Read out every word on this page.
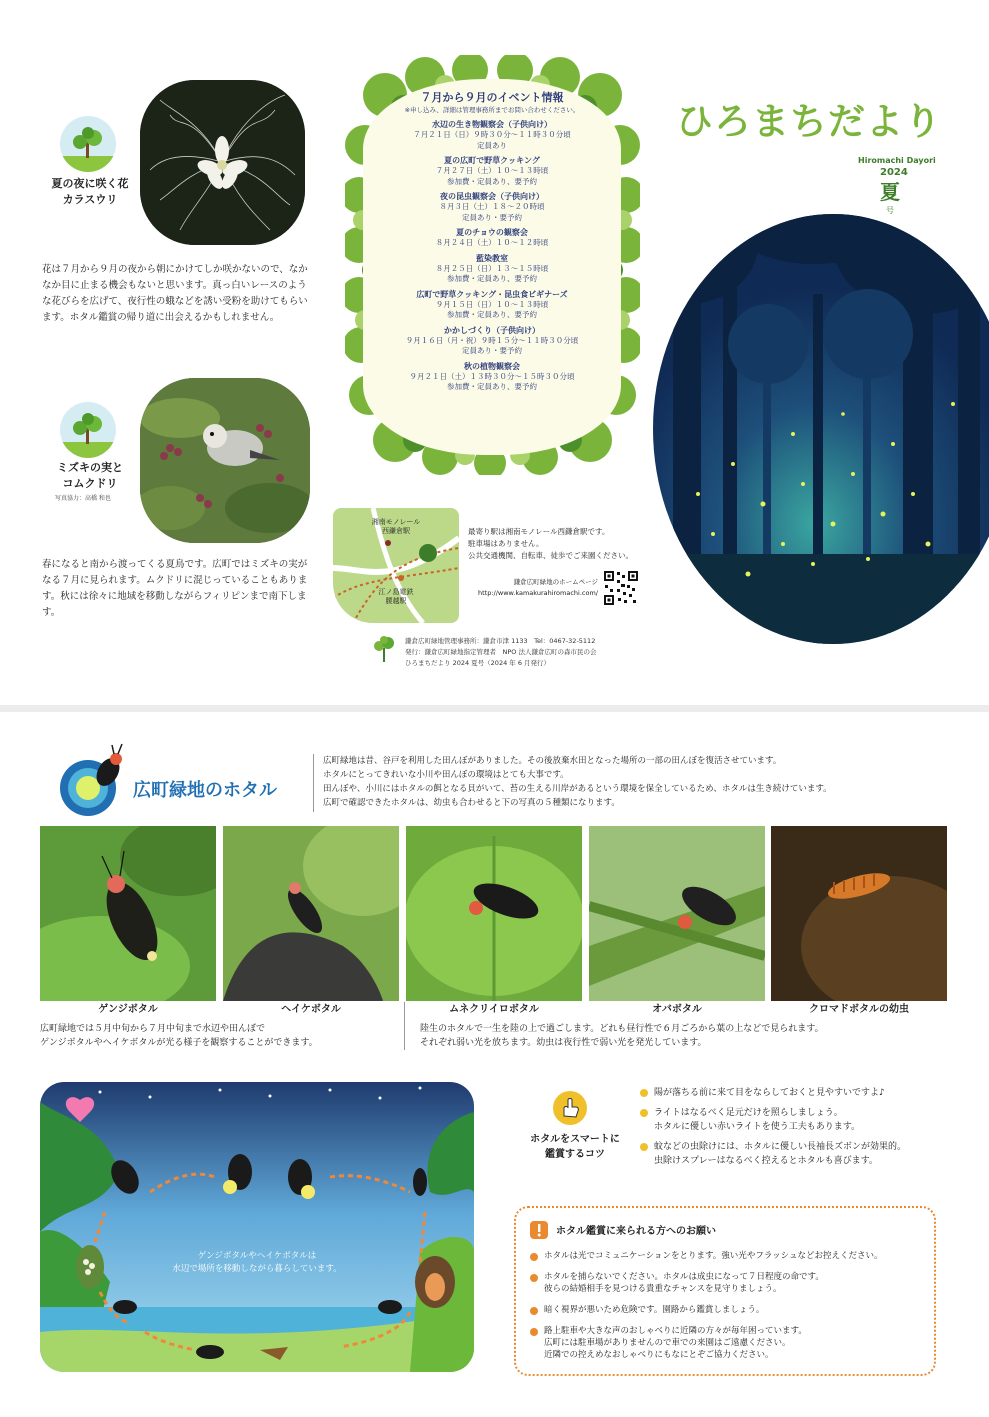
夏の夜に咲く花
カラスウリ
花は７月から９月の夜から朝にかけてしか咲かないので、なかなか目に止まる機会もないと思います。真っ白いレースのような花びらを広げて、夜行性の蛾などを誘い受粉を助けてもらいます。ホタル鑑賞の帰り道に出会えるかもしれません。
ミズキの実と
コムクドリ
写真協力：高橋 和也
春になると南から渡ってくる夏鳥です。広町ではミズキの実がなる７月に見られます。ムクドリに混じっていることもあります。秋には徐々に地域を移動しながらフィリピンまで南下します。
７月から９月のイベント情報
※申し込み、詳細は管理事務所までお問い合わせください。
水辺の生き物観察会（子供向け）
７月２１日（日）９時３０分～１１時３０分頃
定員あり
夏の広町で野草クッキング
７月２７日（土）１０～１３時頃
参加費・定員あり、要予約
夜の昆虫観察会（子供向け）
８月３日（土）１８～２０時頃
定員あり・要予約
夏のチョウの観察会
８月２４日（土）１０～１２時頃
藍染教室
８月２５日（日）１３～１５時頃
参加費・定員あり、要予約
広町で野草クッキング・昆虫食ビギナーズ
９月１５日（日）１０～１３時頃
参加費・定員あり、要予約
かかしづくり（子供向け）
９月１６日（月・祝）９時１５分～１１時３０分頃
定員あり・要予約
秋の植物観察会
９月２１日（土）１３時３０分～１５時３０分頃
参加費・定員あり、要予約
ひろまちだより
Hiromachi Dayori
2024
夏
号
湘南モノレール
西鎌倉駅
江ノ島電鉄
腰越駅
最寄り駅は湘南モノレール西鎌倉駅です。
駐車場はありません。
公共交通機関、自転車、徒歩でご来園ください。
鎌倉広町緑地のホームページ
http://www.kamakurahiromachi.com/
鎌倉広町緑地管理事務所：鎌倉市津 1133　Tel：0467-32-5112
発行：鎌倉広町緑地指定管理者　NPO 法人鎌倉広町の森市民の会
ひろまちだより 2024 夏号（2024 年 6 月発行）
広町緑地のホタル
広町緑地は昔、谷戸を利用した田んぼがありました。その後放棄水田となった場所の一部の田んぼを復活させています。
ホタルにとってきれいな小川や田んぼの環境はとても大事です。
田んぼや、小川にはホタルの餌となる貝がいて、苔の生える川岸があるという環境を保全しているため、ホタルは生き続けています。
広町で確認できたホタルは、幼虫も合わせると下の写真の５種類になります。
ゲンジボタル	ヘイケボタル	ムネクリイロボタル	オバボタル	クロマドボタルの幼虫
広町緑地では５月中旬から７月中旬まで水辺や田んぼで
ゲンジボタルやヘイケボタルが光る様子を観察することができます。
陸生のホタルで一生を陸の上で過ごします。どれも昼行性で６月ごろから葉の上などで見られます。
それぞれ弱い光を放ちます。幼虫は夜行性で弱い光を発光しています。
ゲンジボタルやヘイケボタルは
水辺で場所を移動しながら暮らしています。
ホタルをスマートに
鑑賞するコツ
陽が落ちる前に来て目をならしておくと見やすいですよ♪
ライトはなるべく足元だけを照らしましょう。
ホタルに優しい赤いライトを使う工夫もあります。
蚊などの虫除けには、ホタルに優しい長袖長ズボンが効果的。
虫除けスプレーはなるべく控えるとホタルも喜びます。
ホタル鑑賞に来られる方へのお願い
ホタルは光でコミュニケーションをとります。強い光やフラッシュなどお控えください。
ホタルを捕らないでください。ホタルは成虫になって７日程度の命です。
彼らの結婚相手を見つける貴重なチャンスを見守りましょう。
暗く視界が悪いため危険です。園路から鑑賞しましょう。
路上駐車や大きな声のおしゃべりに近隣の方々が毎年困っています。
広町には駐車場がありませんので車での来園はご遠慮ください。
近隣での控えめなおしゃべりにもなにとぞご協力ください。
